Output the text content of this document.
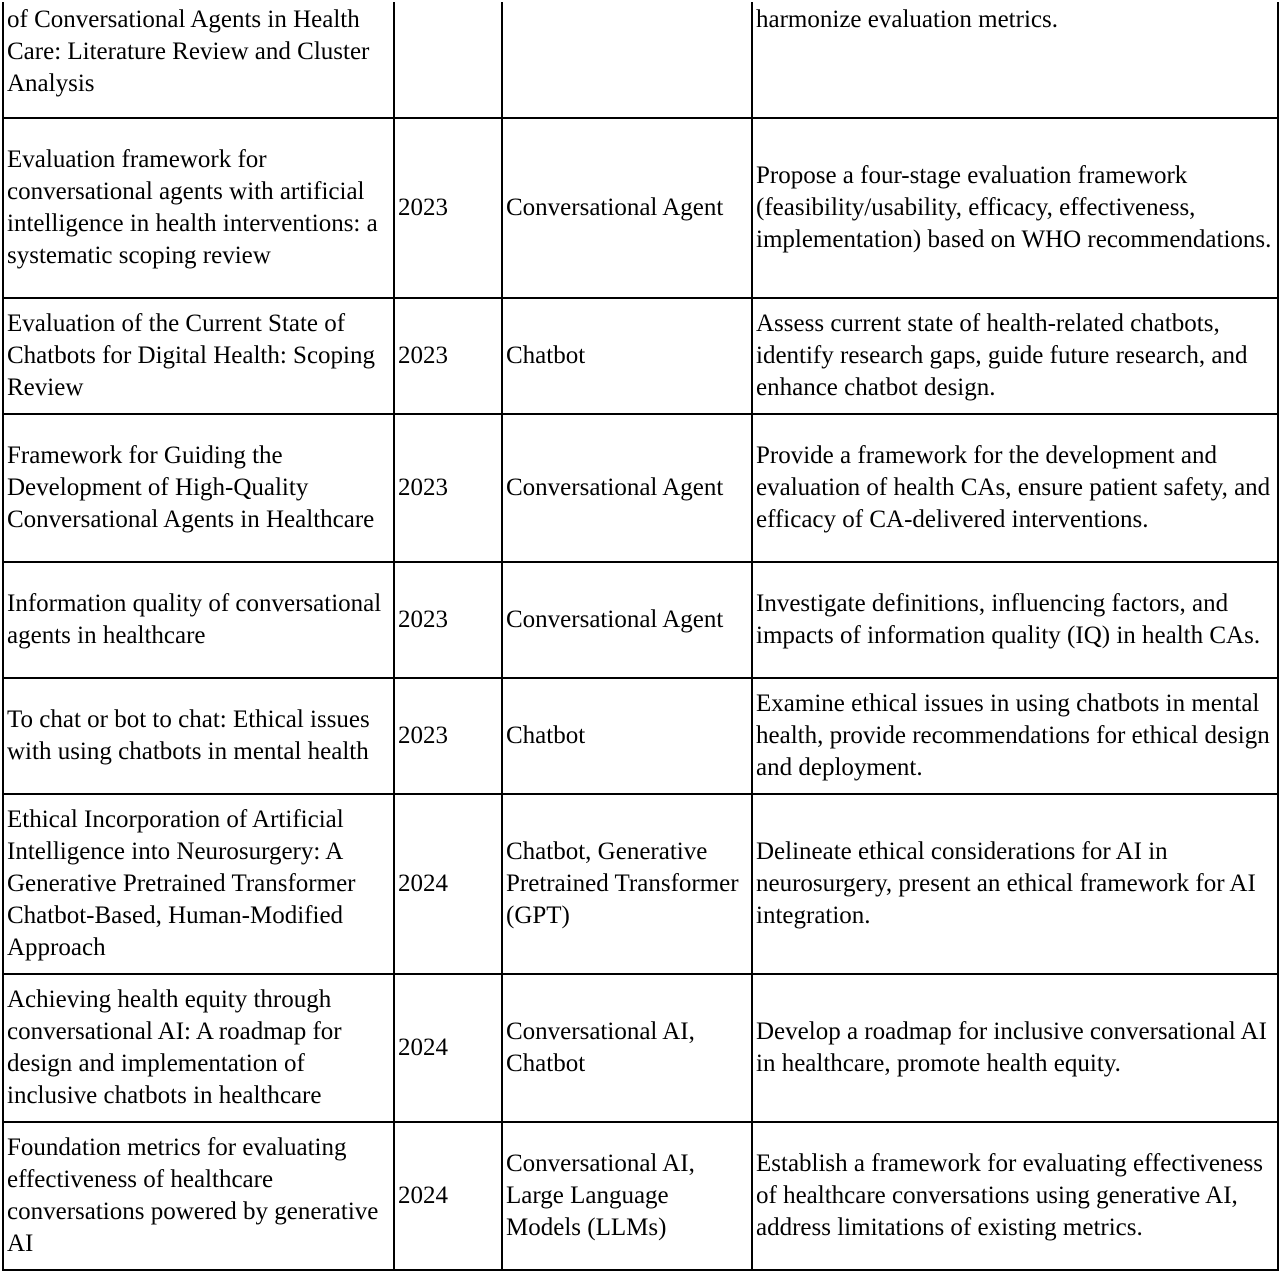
of Conversational Agents in Health Care: Literature Review and Cluster Analysis			harmonize evaluation metrics.
Evaluation framework for conversational agents with artificial intelligence in health interventions: a systematic scoping review	2023	Conversational Agent	Propose a four-stage evaluation framework (feasibility/usability, efficacy, effectiveness, implementation) based on WHO recommendations.
Evaluation of the Current State of Chatbots for Digital Health: Scoping Review	2023	Chatbot	Assess current state of health-related chatbots, identify research gaps, guide future research, and enhance chatbot design.
Framework for Guiding the Development of High-Quality Conversational Agents in Healthcare	2023	Conversational Agent	Provide a framework for the development and evaluation of health CAs, ensure patient safety, and efficacy of CA-delivered interventions.
Information quality of conversational agents in healthcare	2023	Conversational Agent	Investigate definitions, influencing factors, and impacts of information quality (IQ) in health CAs.
To chat or bot to chat: Ethical issues with using chatbots in mental health	2023	Chatbot	Examine ethical issues in using chatbots in mental health, provide recommendations for ethical design and deployment.
Ethical Incorporation of Artificial Intelligence into Neurosurgery: A Generative Pretrained Transformer Chatbot-Based, Human-Modified Approach	2024	Chatbot, Generative Pretrained Transformer (GPT)	Delineate ethical considerations for AI in neurosurgery, present an ethical framework for AI integration.
Achieving health equity through conversational AI: A roadmap for design and implementation of inclusive chatbots in healthcare	2024	Conversational AI, Chatbot	Develop a roadmap for inclusive conversational AI in healthcare, promote health equity.
Foundation metrics for evaluating effectiveness of healthcare conversations powered by generative AI	2024	Conversational AI, Large Language Models (LLMs)	Establish a framework for evaluating effectiveness of healthcare conversations using generative AI, address limitations of existing metrics.
